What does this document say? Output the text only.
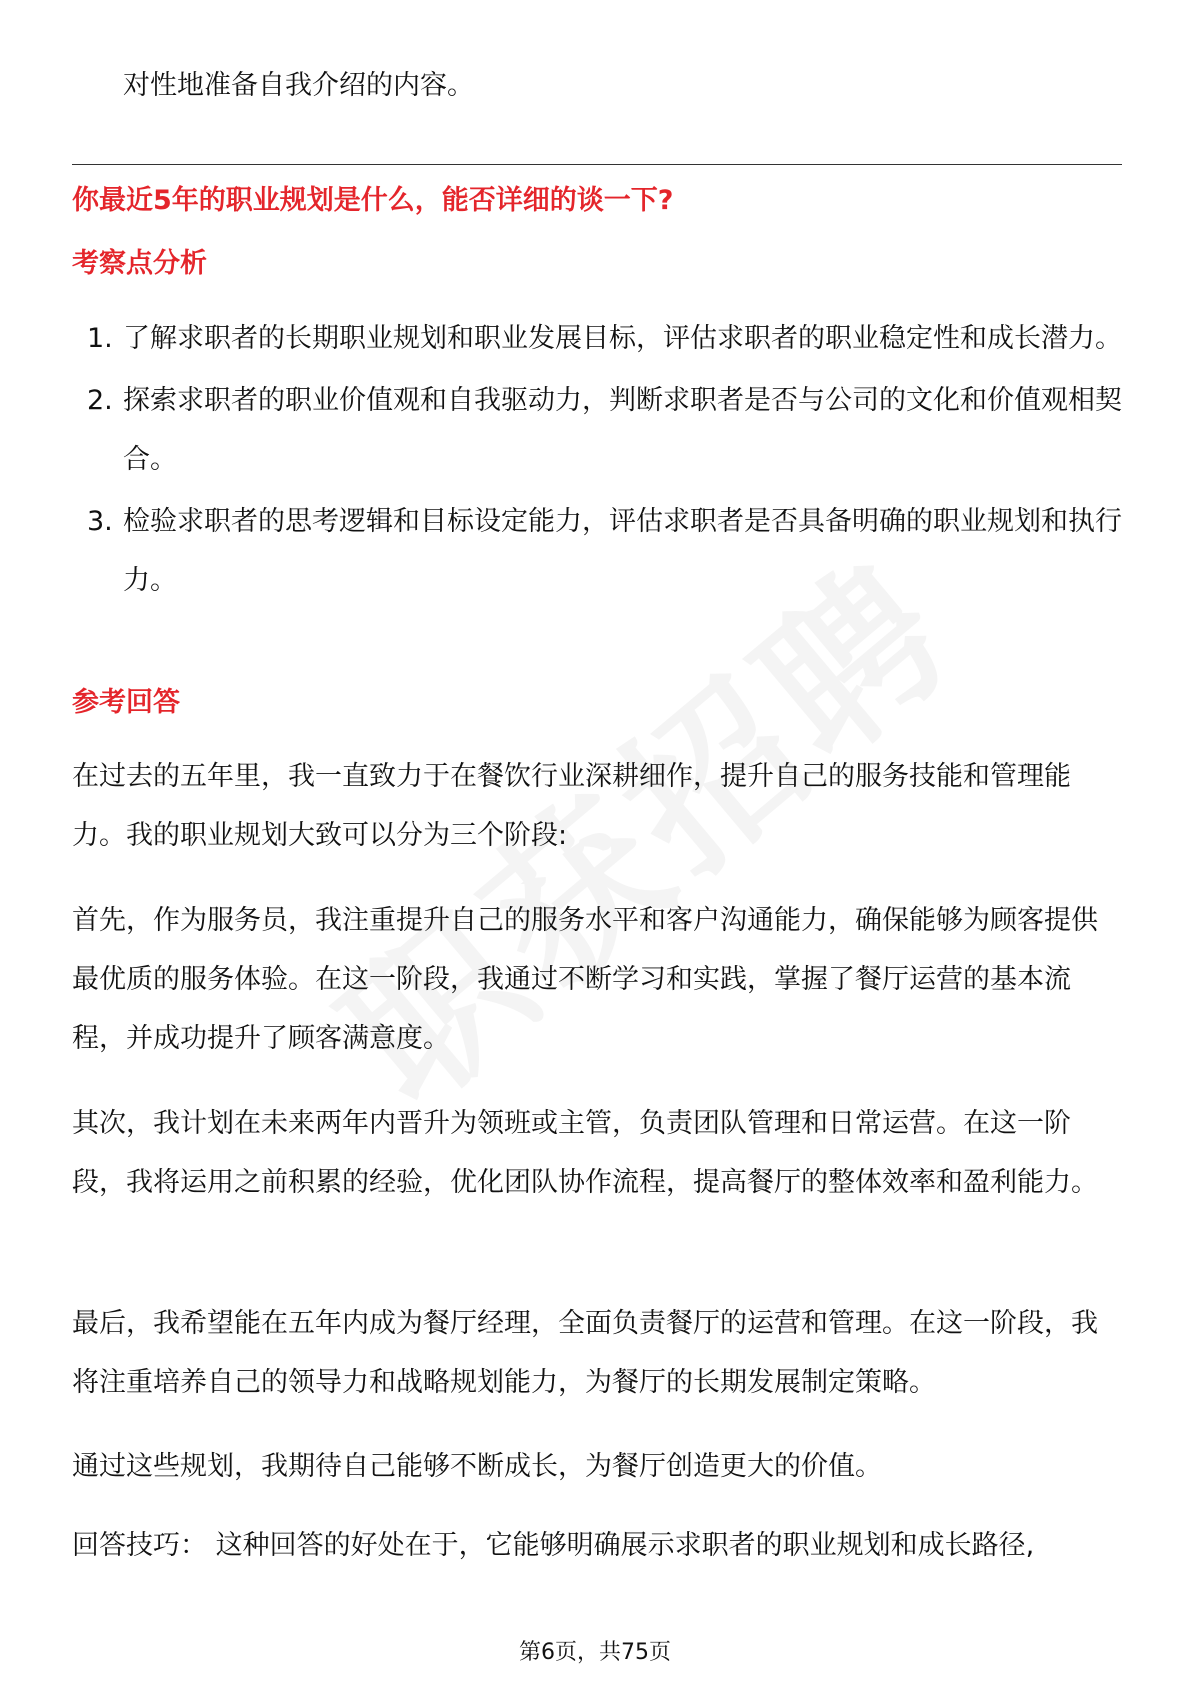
对性地准备自我介绍的内容。

你最近5年的职业规划是什么，能否详细的谈一下?
考察点分析
1. 了解求职者的长期职业规划和职业发展目标，评估求职者的职业稳定性和成长潜力。
2. 探索求职者的职业价值观和自我驱动力，判断求职者是否与公司的文化和价值观相契合。
3. 检验求职者的思考逻辑和目标设定能力，评估求职者是否具备明确的职业规划和执行力。
参考回答

在过去的五年里，我一直致力于在餐饮行业深耕细作，提升自己的服务技能和管理能力。我的职业规划大致可以分为三个阶段:

首先，作为服务员，我注重提升自己的服务水平和客户沟通能力，确保能够为顾客提供最优质的服务体验。在这一阶段，我通过不断学习和实践，掌握了餐厅运营的基本流程，并成功提升了顾客满意度。

其次，我计划在未来两年内晋升为领班或主管，负责团队管理和日常运营。在这一阶段，我将运用之前积累的经验，优化团队协作流程，提高餐厅的整体效率和盈利能力。

最后，我希望能在五年内成为餐厅经理，全面负责餐厅的运营和管理。在这一阶段，我将注重培养自己的领导力和战略规划能力，为餐厅的长期发展制定策略。

通过这些规划，我期待自己能够不断成长，为餐厅创造更大的价值。

回答技巧： 这种回答的好处在于，它能够明确展示求职者的职业规划和成长路径,

第6页，共75页
